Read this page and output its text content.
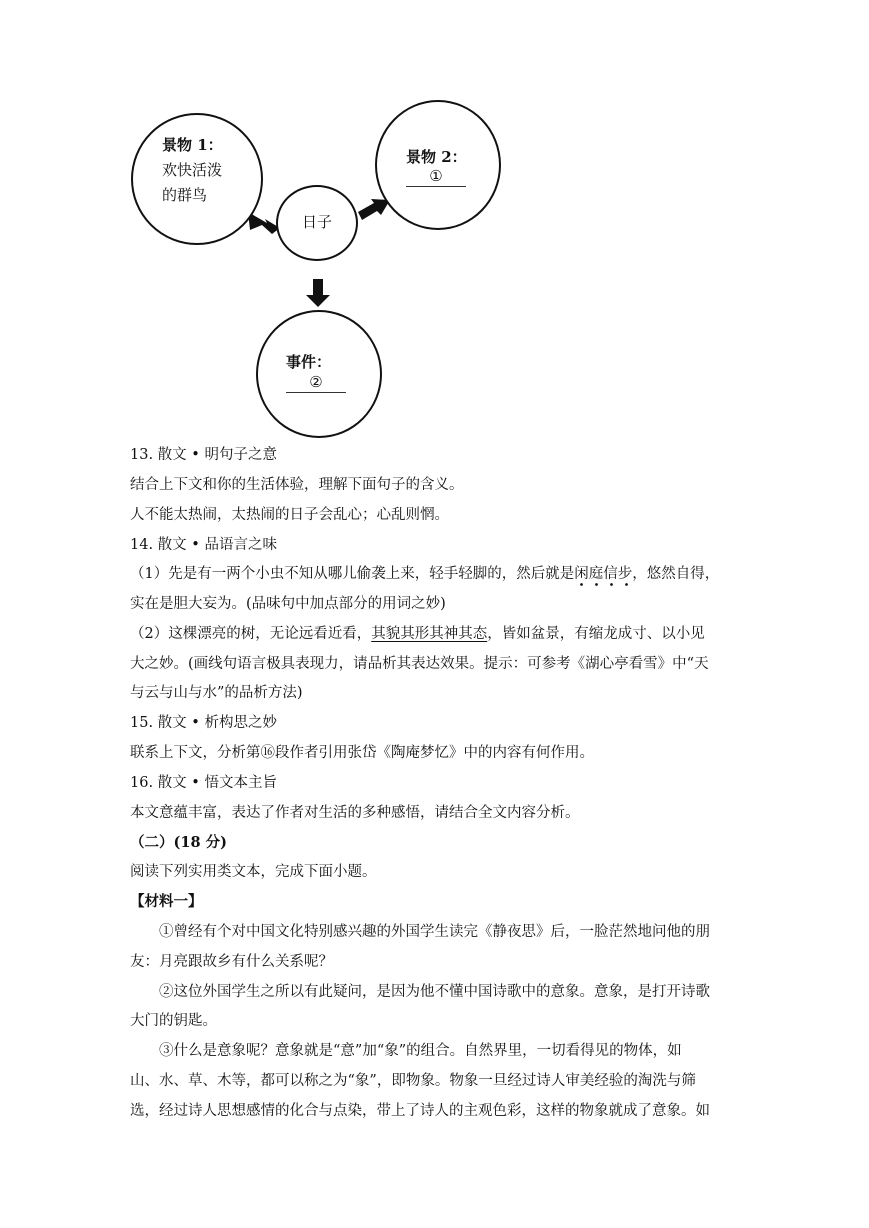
景物 1：
欢快活泼
的群鸟
日子
景物 2：
①
事件：
②
13. 散文 • 明句子之意
结合上下文和你的生活体验，理解下面句子的含义。
人不能太热闹，太热闹的日子会乱心；心乱则惘。
14. 散文 • 品语言之味
（1）先是有一两个小虫不知从哪儿偷袭上来，轻手轻脚的，然后就是闲庭信步，悠然自得，
实在是胆大妄为。(品味句中加点部分的用词之妙)
（2）这棵漂亮的树，无论远看近看，其貌其形其神其态，皆如盆景，有缩龙成寸、以小见
大之妙。(画线句语言极具表现力，请品析其表达效果。提示：可参考《湖心亭看雪》中“天
与云与山与水”的品析方法)
15. 散文 • 析构思之妙
联系上下文，分析第⑯段作者引用张岱《陶庵梦忆》中的内容有何作用。
16. 散文 • 悟文本主旨
本文意蕴丰富，表达了作者对生活的多种感悟，请结合全文内容分析。
（二）(18 分)
阅读下列实用类文本，完成下面小题。
【材料一】
①曾经有个对中国文化特别感兴趣的外国学生读完《静夜思》后，一脸茫然地问他的朋
友：月亮跟故乡有什么关系呢？
②这位外国学生之所以有此疑问，是因为他不懂中国诗歌中的意象。意象，是打开诗歌
大门的钥匙。
③什么是意象呢？意象就是“意”加“象”的组合。自然界里，一切看得见的物体，如
山、水、草、木等，都可以称之为“象”，即物象。物象一旦经过诗人审美经验的淘洗与筛
选，经过诗人思想感情的化合与点染，带上了诗人的主观色彩，这样的物象就成了意象。如
